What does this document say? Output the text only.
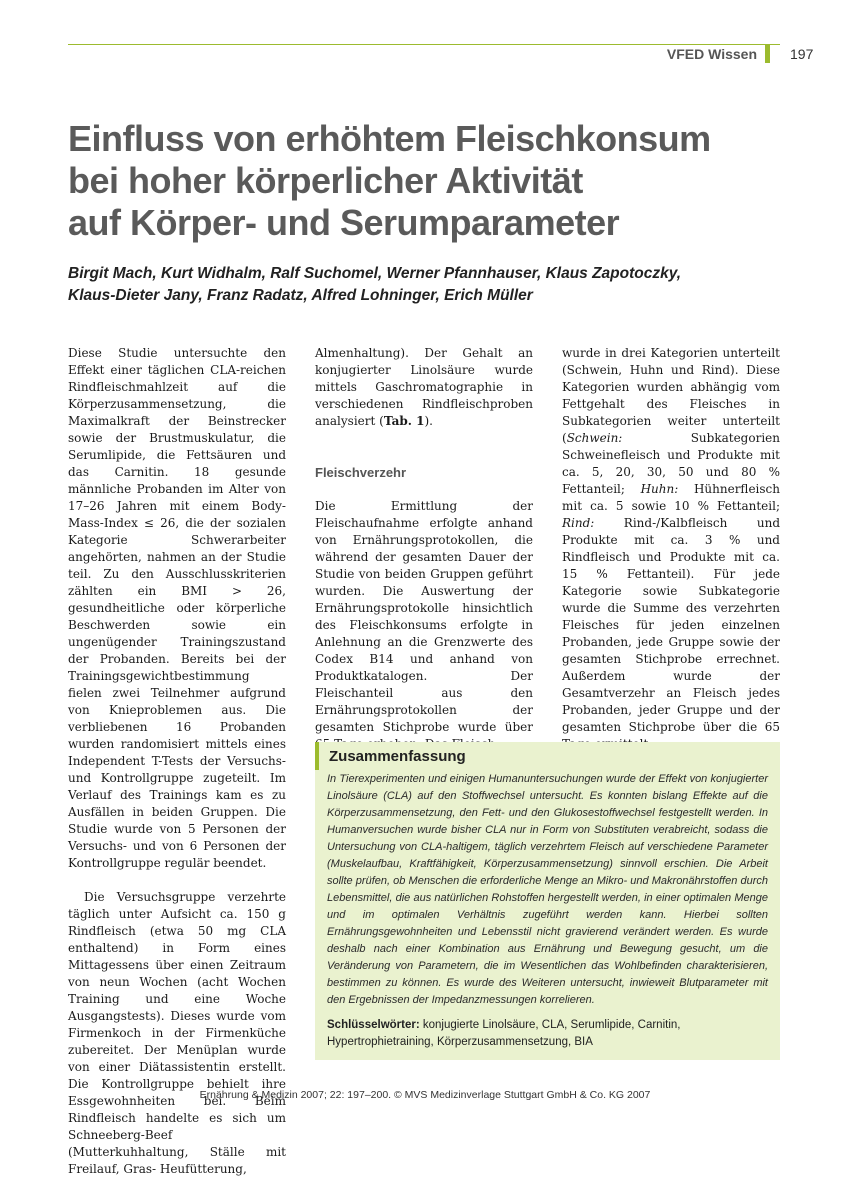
VFED Wissen	197
Einfluss von erhöhtem Fleischkonsum
bei hoher körperlicher Aktivität
auf Körper- und Serumparameter

Birgit Mach, Kurt Widhalm, Ralf Suchomel, Werner Pfannhauser, Klaus Zapotoczky,
Klaus-Dieter Jany, Franz Radatz, Alfred Lohninger, Erich Müller

Diese Studie untersuchte den Effekt einer täglichen CLA-reichen Rindfleischmahlzeit auf die Körperzusammensetzung, die Maximalkraft der Beinstrecker sowie der Brustmuskulatur, die Serumlipide, die Fettsäuren und das Carnitin. 18 gesunde männliche Probanden im Alter von 17–26 Jahren mit einem Body-Mass-Index ≤ 26, die der sozialen Kategorie Schwerarbeiter angehörten, nahmen an der Studie teil. Zu den Ausschlusskriterien zählten ein BMI > 26, gesundheitliche oder körperliche Beschwerden sowie ein ungenügender Trainingszustand der Probanden. Bereits bei der Trainingsgewichtbestimmung fielen zwei Teilnehmer aufgrund von Knieproblemen aus. Die verbliebenen 16 Probanden wurden randomisiert mittels eines Independent T-Tests der Versuchs- und Kontrollgruppe zugeteilt. Im Verlauf des Trainings kam es zu Ausfällen in beiden Gruppen. Die Studie wurde von 5 Personen der Versuchs- und von 6 Personen der Kontrollgruppe regulär beendet.

Die Versuchsgruppe verzehrte täglich unter Aufsicht ca. 150 g Rindfleisch (etwa 50 mg CLA enthaltend) in Form eines Mittagessens über einen Zeitraum von neun Wochen (acht Wochen Training und eine Woche Ausgangstests). Dieses wurde vom Firmenkoch in der Firmenküche zubereitet. Der Menüplan wurde von einer Diätassistentin erstellt. Die Kontrollgruppe behielt ihre Essgewohnheiten bei. Beim Rindfleisch handelte es sich um Schneeberg-Beef (Mutterkuhhaltung, Ställe mit Freilauf, Gras- Heufütterung,

Almenhaltung). Der Gehalt an konjugierter Linolsäure wurde mittels Gaschromatographie in verschiedenen Rindfleischproben analysiert (Tab. 1).

Fleischverzehr

Die Ermittlung der Fleischaufnahme erfolgte anhand von Ernährungsprotokollen, die während der gesamten Dauer der Studie von beiden Gruppen geführt wurden. Die Auswertung der Ernährungsprotokolle hinsichtlich des Fleischkonsums erfolgte in Anlehnung an die Grenzwerte des Codex B14 und anhand von Produktkatalogen. Der Fleischanteil aus den Ernährungsprotokollen der gesamten Stichprobe wurde über

wurde in drei Kategorien unterteilt (Schwein, Huhn und Rind). Diese Kategorien wurden abhängig vom Fettgehalt des Fleisches in Subkategorien weiter unterteilt (Schwein: Subkategorien Schweinefleisch und Produkte mit ca. 5, 20, 30, 50 und 80 % Fettanteil; Huhn: Hühnerfleisch mit ca. 5 sowie 10 % Fettanteil; Rind: Rind-/Kalbfleisch und Produkte mit ca. 3 % und Rindfleisch und Produkte mit ca. 15 % Fettanteil). Für jede Kategorie sowie Subkategorie wurde die Summe des verzehrten Fleisches für jeden einzelnen Probanden, jede Gruppe sowie der gesamten Stichprobe errechnet. Außerdem wurde der Gesamtverzehr an Fleisch jedes Probanden, jeder Gruppe und der gesamten Stichprobe über die 65

Zusammenfassung

In Tierexperimenten und einigen Humanuntersuchungen wurde der Effekt von konjugierter Linolsäure (CLA) auf den Stoffwechsel untersucht. Es konnten bislang Effekte auf die Körperzusammensetzung, den Fett- und den Glukosestoffwechsel festgestellt werden. In Humanversuchen wurde bisher CLA nur in Form von Substituten verabreicht, sodass die Untersuchung von CLA-haltigem, täglich verzehrtem Fleisch auf verschiedene Parameter (Muskelaufbau, Kraftfähigkeit, Körperzusammensetzung) sinnvoll erschien. Die Arbeit sollte prüfen, ob Menschen die erforderliche Menge an Mikro- und Makronährstoffen durch Lebensmittel, die aus natürlichen Rohstoffen hergestellt werden, in einer optimalen Menge und im optimalen Verhältnis zugeführt werden kann. Hierbei sollten Ernährungsgewohnheiten und Lebensstil nicht gravierend verändert werden. Es wurde deshalb nach einer Kombination aus Ernährung und Bewegung gesucht, um die Veränderung von Parametern, die im Wesentlichen das Wohlbefinden charakterisieren, bestimmen zu können. Es wurde des Weiteren untersucht, inwieweit Blutparameter mit den Ergebnissen der Impedanzmessungen korrelieren.

Schlüsselwörter: konjugierte Linolsäure, CLA, Serumlipide, Carnitin, Hypertrophietraining, Körperzusammensetzung, BIA

Ernährung & Medizin 2007; 22: 197–200. © MVS Medizinverlage Stuttgart GmbH & Co. KG 2007
